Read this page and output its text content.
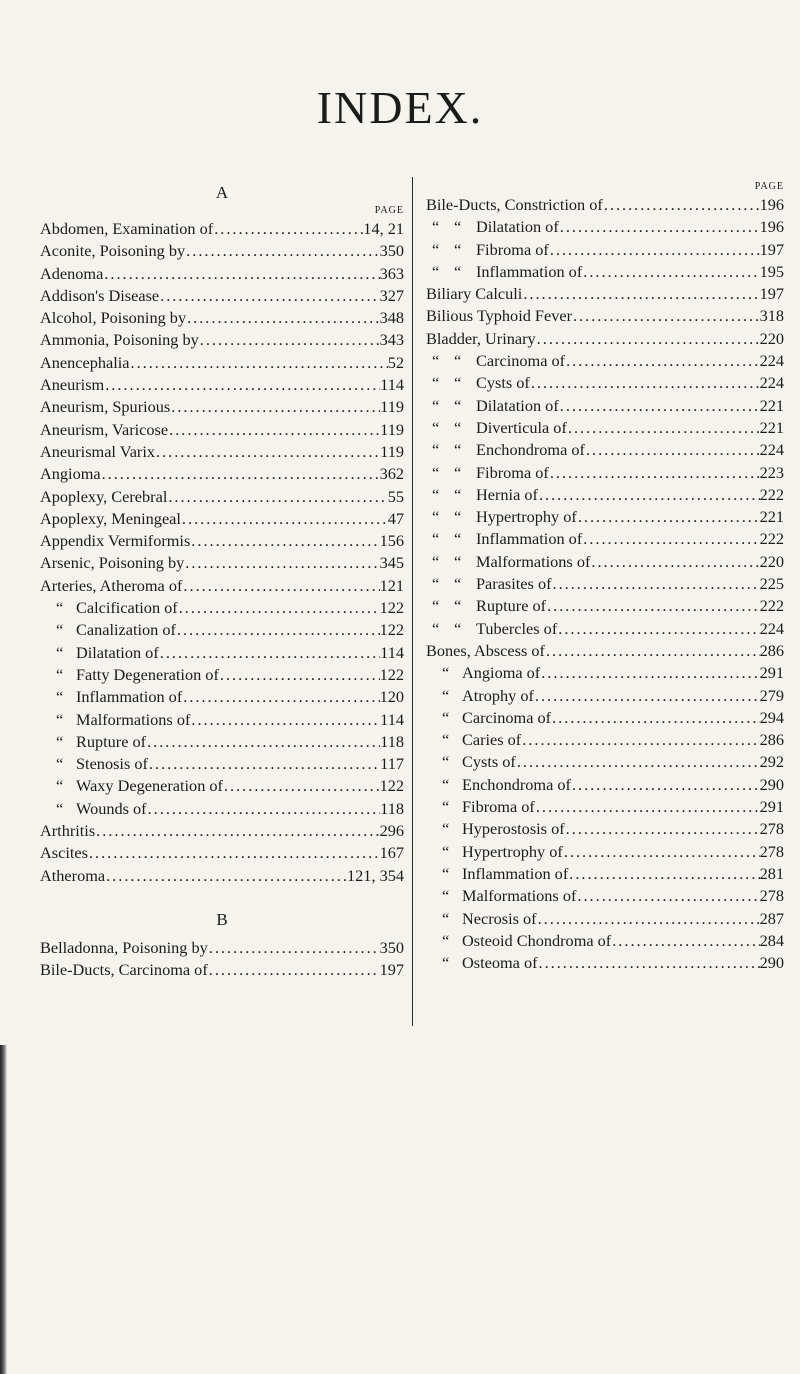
INDEX.
A
PAGE
Abdomen, Examination of .....	14, 21
Aconite, Poisoning by .....	350
Adenoma .....	363
Addison's Disease .....	327
Alcohol, Poisoning by .....	348
Ammonia, Poisoning by .....	343
Anencephalia .....	52
Aneurism .....	114
Aneurism, Spurious .....	119
Aneurism, Varicose .....	119
Aneurismal Varix .....	119
Angioma .....	362
Apoplexy, Cerebral .....	55
Apoplexy, Meningeal .....	47
Appendix Vermiformis .....	156
Arsenic, Poisoning by .....	345
Arteries, Atheroma of .....	121
“ Calcification of .....	122
“ Canalization of .....	122
“ Dilatation of .....	114
“ Fatty Degeneration of .....	122
“ Inflammation of .....	120
“ Malformations of .....	114
“ Rupture of .....	118
“ Stenosis of .....	117
“ Waxy Degeneration of .....	122
“ Wounds of .....	118
Arthritis .....	296
Ascites .....	167
Atheroma .....	121, 354
B
Belladonna, Poisoning by .....	350
Bile-Ducts, Carcinoma of .....	197
PAGE
Bile-Ducts, Constriction of .....	196
“ “ Dilatation of .....	196
“ “ Fibroma of .....	197
“ “ Inflammation of .....	195
Biliary Calculi .....	197
Bilious Typhoid Fever .....	318
Bladder, Urinary .....	220
“ “ Carcinoma of .....	224
“ “ Cysts of .....	224
“ “ Dilatation of .....	221
“ “ Diverticula of .....	221
“ “ Enchondroma of .....	224
“ “ Fibroma of .....	223
“ “ Hernia of .....	222
“ “ Hypertrophy of .....	221
“ “ Inflammation of .....	222
“ “ Malformations of .....	220
“ “ Parasites of .....	225
“ “ Rupture of .....	222
“ “ Tubercles of .....	224
Bones, Abscess of .....	286
“ Angioma of .....	291
“ Atrophy of .....	279
“ Carcinoma of .....	294
“ Caries of .....	286
“ Cysts of .....	292
“ Enchondroma of .....	290
“ Fibroma of .....	291
“ Hyperostosis of .....	278
“ Hypertrophy of .....	278
“ Inflammation of .....	281
“ Malformations of .....	278
“ Necrosis of .....	287
“ Osteoid Chondroma of .....	284
“ Osteoma of .....	290
